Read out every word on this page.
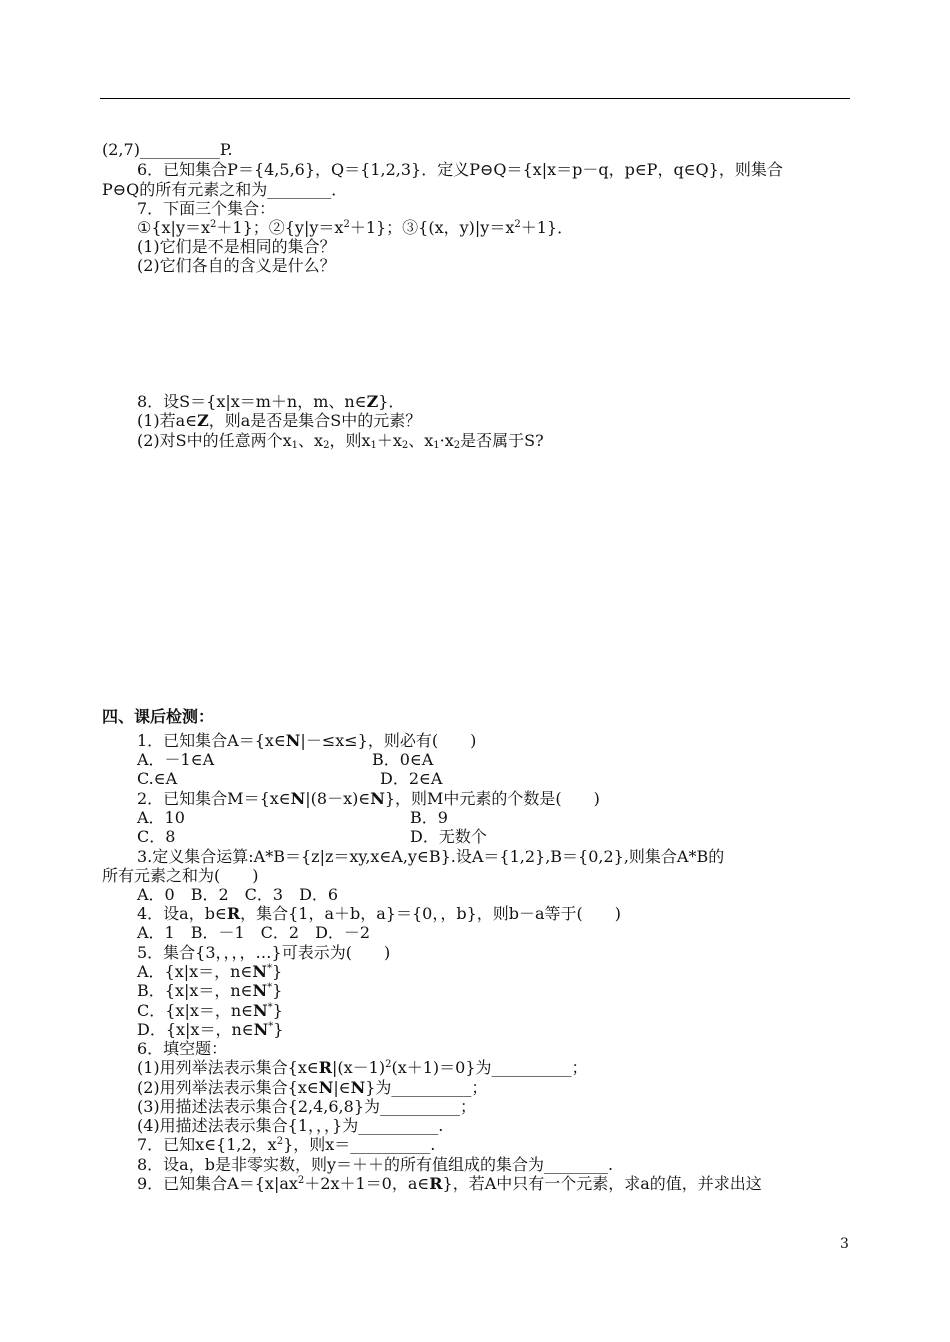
(2,7)__________P.
6．已知集合P＝{4,5,6}，Q＝{1,2,3}．定义P⊖Q＝{x|x＝p－q，p∈P，q∈Q}，则集合
P⊖Q的所有元素之和为________．
7．下面三个集合：
$①\{x|y=x^2+1\}$；$②\{y|y=x^2+1\}$；③{(x，$y)|y=x^2+1$}．
(1)它们是不是相同的集合？
(2)它们各自的含义是什么？
8．设S＝{x|x＝m＋n，m、n∈Z}．
(1)若a∈Z，则a是否是集合S中的元素？
(2)对S中的任意两个$x_1$、$x_2$，则$x_1+x_2$、$x_1\cdot x_2$是否属于S?
四、课后检测：
1．已知集合A＝{x∈N|－≤x≤}，则必有(　　)
A．－1∈A	B．0∈A
C.∈A	D．2∈A
2．已知集合M＝{x∈N|(8－x)∈N}，则M中元素的个数是(　　)
A．10	B．9
C．8	D．无数个
3.定义集合运算:A*B＝{z|z＝xy,x∈A,y∈B}.设A＝{1,2},B＝{0,2},则集合A*B的
所有元素之和为(　　)
A．0　B．2　C．3　D．6
4．设a，b∈R，集合{1，a＋b，a}＝{0，，b}，则b－a等于(　　)
A．1　B．－1　C．2　D．－2
5．集合{3，，，，…}可表示为(　　)
A．{x|x＝，n∈N*}
B．{x|x＝，n∈N*}
C．{x|x＝，n∈N*}
D．{x|x＝，n∈N*}
6．填空题：
(1)用列举法表示集合$\{x\in R|(x-1)^2(x+1)=0\}$为__________；
(2)用列举法表示集合{x∈N|∈N}为__________；
(3)用描述法表示集合{2,4,6,8}为__________；
(4)用描述法表示集合{1，，，}为__________.
7．已知x∈{1,2，$x^2$}，则x＝__________.
8．设a，b是非零实数，则y＝＋＋的所有值组成的集合为________.
9．已知集合$A=\{x|ax^2+2x+1=0$，a∈R}，若A中只有一个元素，求a的值，并求出这
3
